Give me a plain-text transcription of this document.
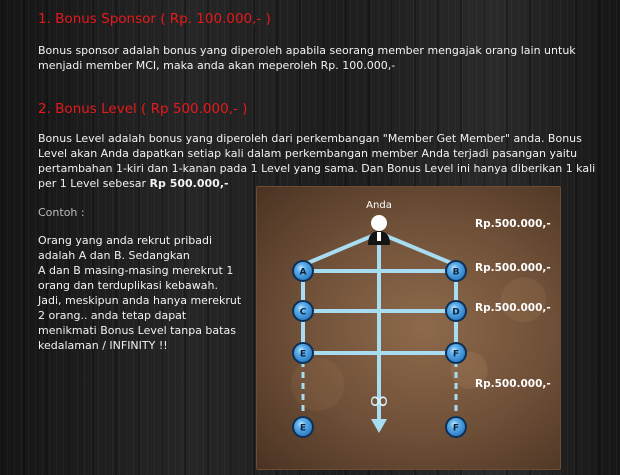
1. Bonus Sponsor ( Rp. 100.000,- )

Bonus sponsor adalah bonus yang diperoleh apabila seorang member mengajak orang lain untuk menjadi member MCI, maka anda akan meperoleh Rp. 100.000,-

2. Bonus Level ( Rp 500.000,- )

Bonus Level adalah bonus yang diperoleh dari perkembangan "Member Get Member" anda. Bonus Level akan Anda dapatkan setiap kali dalam perkembangan member Anda terjadi pasangan yaitu pertambahan 1-kiri dan 1-kanan pada 1 Level yang sama. Dan Bonus Level ini hanya diberikan 1 kali per 1 Level sebesar Rp 500.000,-

Contoh :
Orang yang anda rekrut pribadi adalah A dan B. Sedangkan
A dan B masing-masing merekrut 1 orang dan terduplikasi kebawah. Jadi, meskipun anda hanya merekrut 2 orang.. anda tetap dapat menikmati Bonus Level tanpa batas kedalaman / INFINITY !!
Anda
∞
A	B
C	D
E	F
E	F
Rp.500.000,-
Rp.500.000,-
Rp.500.000,-
Rp.500.000,-
